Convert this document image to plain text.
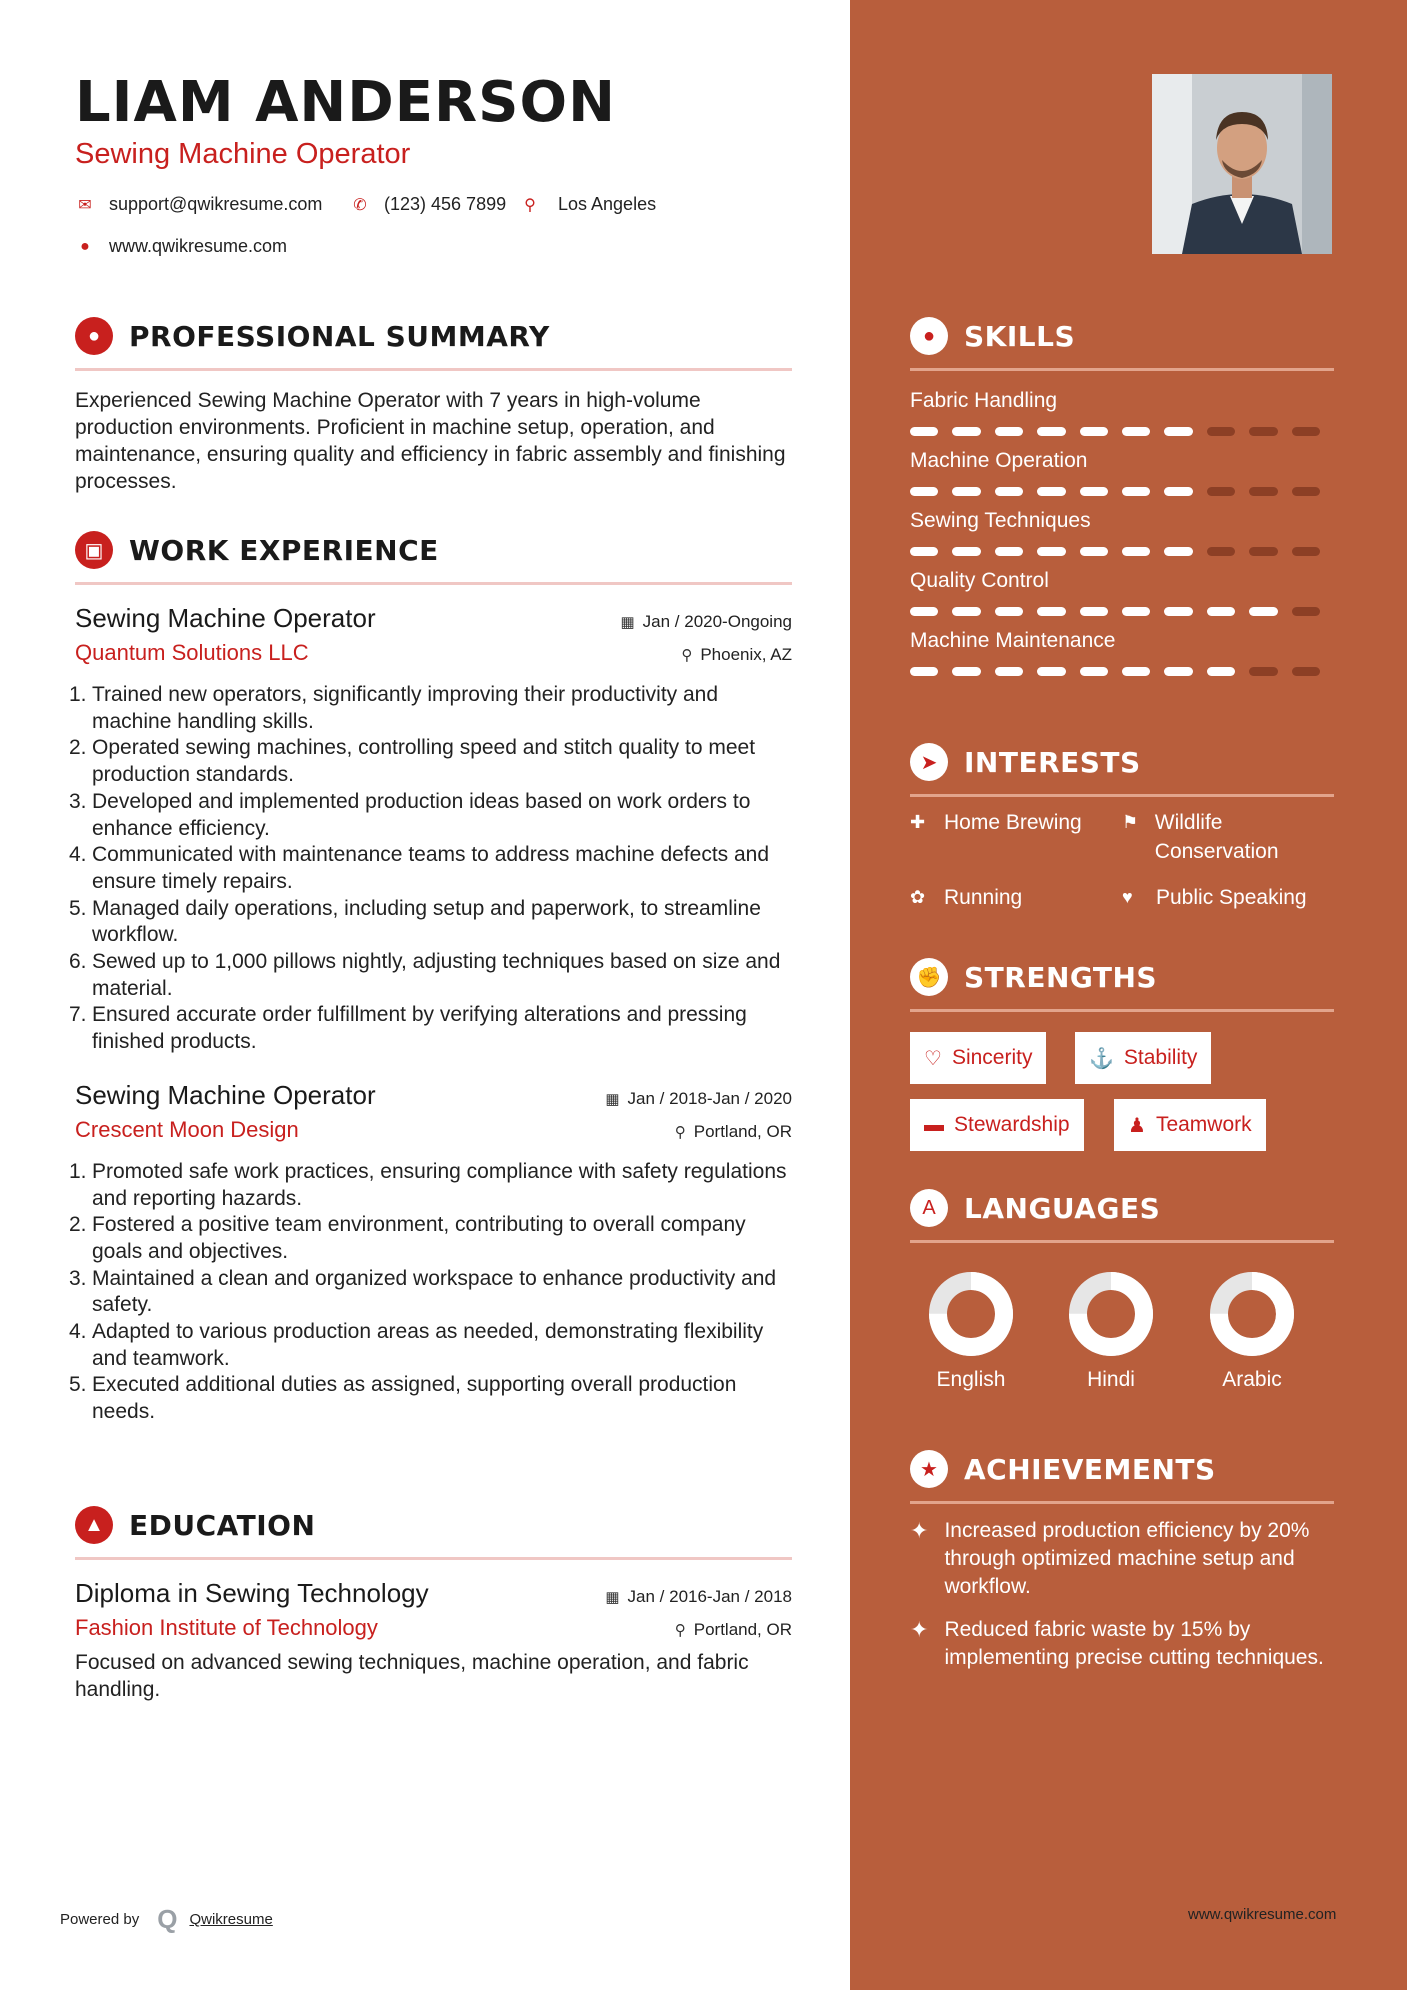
LIAM ANDERSON
Sewing Machine Operator
✉ support@qwikresume.com ✆ (123) 456 7899 ⚲ Los Angeles
● www.qwikresume.com
●	PROFESSIONAL SUMMARY
Experienced Sewing Machine Operator with 7 years in high-volume production environments. Proficient in machine setup, operation, and maintenance, ensuring quality and efficiency in fabric assembly and finishing processes.
▣ WORK EXPERIENCE
Sewing Machine Operator	▦ Jan / 2020-Ongoing
Quantum Solutions LLC	⚲ Phoenix, AZ
1. Trained new operators, significantly improving their productivity and machine handling skills.
2. Operated sewing machines, controlling speed and stitch quality to meet production standards.
3. Developed and implemented production ideas based on work orders to enhance efficiency.
4. Communicated with maintenance teams to address machine defects and ensure timely repairs.
5. Managed daily operations, including setup and paperwork, to streamline workflow.
6. Sewed up to 1,000 pillows nightly, adjusting techniques based on size and material.
7. Ensured accurate order fulfillment by verifying alterations and pressing finished products.
Sewing Machine Operator	▦ Jan / 2018-Jan / 2020
Crescent Moon Design	⚲ Portland, OR
1. Promoted safe work practices, ensuring compliance with safety regulations and reporting hazards.
2. Fostered a positive team environment, contributing to overall company goals and objectives.
3. Maintained a clean and organized workspace to enhance productivity and safety.
4. Adapted to various production areas as needed, demonstrating flexibility and teamwork.
5. Executed additional duties as assigned, supporting overall production needs.
▲ EDUCATION
Diploma in Sewing Technology	▦ Jan / 2016-Jan / 2018
Fashion Institute of Technology	⚲ Portland, OR
Focused on advanced sewing techniques, machine operation, and fabric handling.
●	SKILLS
Fabric Handling
Machine Operation
Sewing Techniques
Quality Control
Machine Maintenance
➤ INTERESTS
✚ Home Brewing ⚑ Wildlife Conservation
✿ Running	♥	Public Speaking
✊ STRENGTHS
♡ Sincerity	⚓ Stability
▬ Stewardship	♟ Teamwork
A	LANGUAGES
English	Hindi	Arabic
★ ACHIEVEMENTS
✦ Increased production efficiency by 20% through optimized machine setup and workflow.
✦ Reduced fabric waste by 15% by implementing precise cutting techniques.
Powered by Q Qwikresume	www.qwikresume.com
